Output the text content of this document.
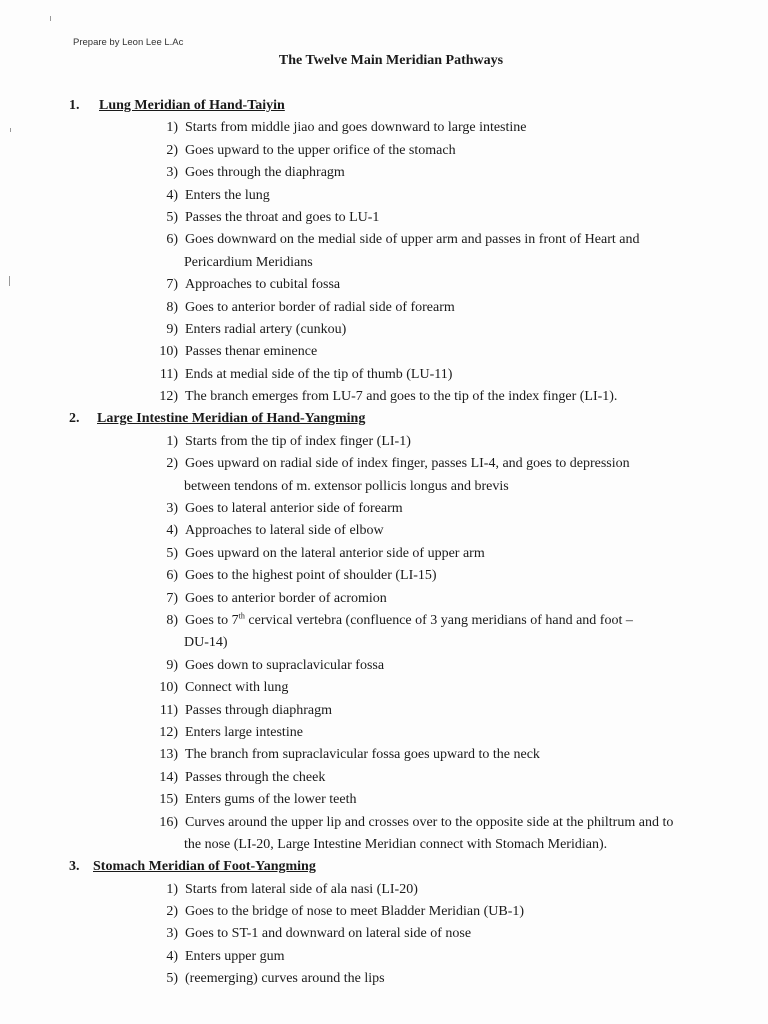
Prepare by Leon Lee L.Ac
The Twelve Main Meridian Pathways
1. Lung Meridian of Hand-Taiyin
1) Starts from middle jiao and goes downward to large intestine
2) Goes upward to the upper orifice of the stomach
3) Goes through the diaphragm
4) Enters the lung
5) Passes the throat and goes to LU-1
6) Goes downward on the medial side of upper arm and passes in front of Heart and
Pericardium Meridians
7) Approaches to cubital fossa
8) Goes to anterior border of radial side of forearm
9) Enters radial artery (cunkou)
10) Passes thenar eminence
11) Ends at medial side of the tip of thumb (LU-11)
12) The branch emerges from LU-7 and goes to the tip of the index finger (LI-1).
2. Large Intestine Meridian of Hand-Yangming
1) Starts from the tip of index finger (LI-1)
2) Goes upward on radial side of index finger, passes LI-4, and goes to depression
between tendons of m. extensor pollicis longus and brevis
3) Goes to lateral anterior side of forearm
4) Approaches to lateral side of elbow
5) Goes upward on the lateral anterior side of upper arm
6) Goes to the highest point of shoulder (LI-15)
7) Goes to anterior border of acromion
8) Goes to 7th cervical vertebra (confluence of 3 yang meridians of hand and foot –
DU-14)
9) Goes down to supraclavicular fossa
10) Connect with lung
11) Passes through diaphragm
12) Enters large intestine
13) The branch from supraclavicular fossa goes upward to the neck
14) Passes through the cheek
15) Enters gums of the lower teeth
16) Curves around the upper lip and crosses over to the opposite side at the philtrum and to
the nose (LI-20, Large Intestine Meridian connect with Stomach Meridian).
3. Stomach Meridian of Foot-Yangming
1) Starts from lateral side of ala nasi (LI-20)
2) Goes to the bridge of nose to meet Bladder Meridian (UB-1)
3) Goes to ST-1 and downward on lateral side of nose
4) Enters upper gum
5) (reemerging) curves around the lips
